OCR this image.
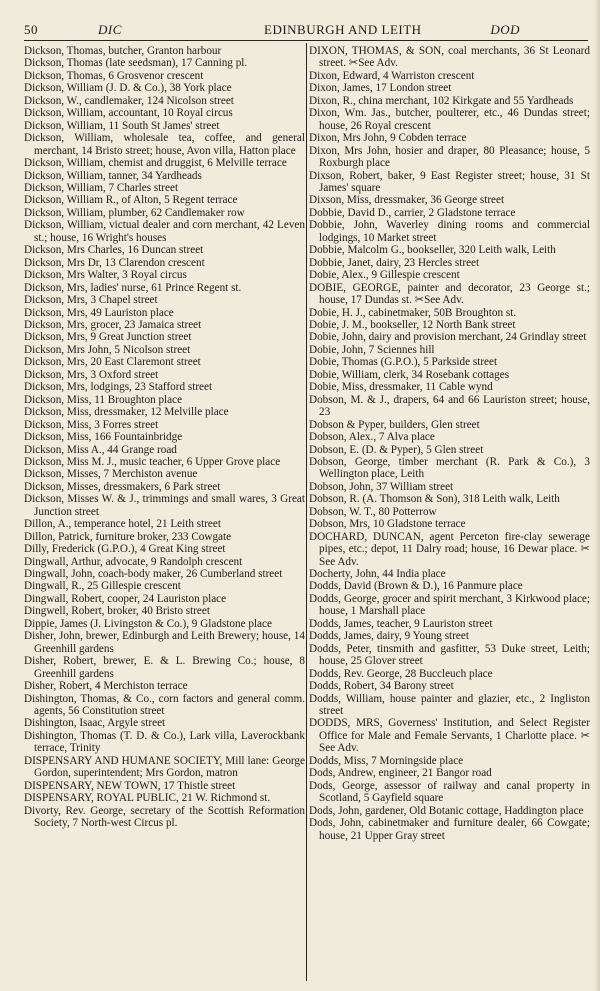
50	DIC	EDINBURGH AND LEITH	DOD
Dickson, Thomas, butcher, Granton harbour
Dickson, Thomas (late seedsman), 17 Canning pl.
Dickson, Thomas, 6 Grosvenor crescent
Dickson, William (J. D. & Co.), 38 York place
Dickson, W., candlemaker, 124 Nicolson street
Dickson, William, accountant, 10 Royal circus
Dickson, William, 11 South St James' street
Dickson, William, wholesale tea, coffee, and general merchant, 14 Bristo street; house, Avon villa, Hatton place
Dickson, William, chemist and druggist, 6 Melville terrace
Dickson, William, tanner, 34 Yardheads
Dickson, William, 7 Charles street
Dickson, William R., of Alton, 5 Regent terrace
Dickson, William, plumber, 62 Candlemaker row
Dickson, William, victual dealer and corn merchant, 42 Leven st.; house, 16 Wright's houses
Dickson, Mrs Charles, 16 Duncan street
Dickson, Mrs Dr, 13 Clarendon crescent
Dickson, Mrs Walter, 3 Royal circus
Dickson, Mrs, ladies' nurse, 61 Prince Regent st.
Dickson, Mrs, 3 Chapel street
Dickson, Mrs, 49 Lauriston place
Dickson, Mrs, grocer, 23 Jamaica street
Dickson, Mrs, 9 Great Junction street
Dickson, Mrs John, 5 Nicolson street
Dickson, Mrs, 20 East Claremont street
Dickson, Mrs, 3 Oxford street
Dickson, Mrs, lodgings, 23 Stafford street
Dickson, Miss, 11 Broughton place
Dickson, Miss, dressmaker, 12 Melville place
Dickson, Miss, 3 Forres street
Dickson, Miss, 166 Fountainbridge
Dickson, Miss A., 44 Grange road
Dickson, Miss M. J., music teacher, 6 Upper Grove place
Dickson, Misses, 7 Merchiston avenue
Dickson, Misses, dressmakers, 6 Park street
Dickson, Misses W. & J., trimmings and small wares, 3 Great Junction street
Dillon, A., temperance hotel, 21 Leith street
Dillon, Patrick, furniture broker, 233 Cowgate
Dilly, Frederick (G.P.O.), 4 Great King street
Dingwall, Arthur, advocate, 9 Randolph crescent
Dingwall, John, coach-body maker, 26 Cumberland street
Dingwall, R., 25 Gillespie crescent
Dingwall, Robert, cooper, 24 Lauriston place
Dingwell, Robert, broker, 40 Bristo street
Dippie, James (J. Livingston & Co.), 9 Gladstone place
Disher, John, brewer, Edinburgh and Leith Brewery; house, 14 Greenhill gardens
Disher, Robert, brewer, E. & L. Brewing Co.; house, 8 Greenhill gardens
Disher, Robert, 4 Merchiston terrace
Dishington, Thomas, & Co., corn factors and general comm. agents, 56 Constitution street
Dishington, Isaac, Argyle street
Dishington, Thomas (T. D. & Co.), Lark villa, Laverockbank terrace, Trinity
DISPENSARY AND HUMANE SOCIETY, Mill lane: George Gordon, superintendent; Mrs Gordon, matron
DISPENSARY, NEW TOWN, 17 Thistle street
DISPENSARY, ROYAL PUBLIC, 21 W. Richmond st.
Divorty, Rev. George, secretary of the Scottish Reformation Society, 7 North-west Circus pl.
DIXON, THOMAS, & SON, coal merchants, 36 St Leonard street. ✂See Adv.
Dixon, Edward, 4 Warriston crescent
Dixon, James, 17 London street
Dixon, R., china merchant, 102 Kirkgate and 55 Yardheads
Dixon, Wm. Jas., butcher, poulterer, etc., 46 Dundas street; house, 26 Royal crescent
Dixon, Mrs John, 9 Cobden terrace
Dixon, Mrs John, hosier and draper, 80 Pleasance; house, 5 Roxburgh place
Dixson, Robert, baker, 9 East Register street; house, 31 St James' square
Dixson, Miss, dressmaker, 36 George street
Dobbie, David D., carrier, 2 Gladstone terrace
Dobbie, John, Waverley dining rooms and commercial lodgings, 10 Market street
Dobbie, Malcolm G., bookseller, 320 Leith walk, Leith
Dobbie, Janet, dairy, 23 Hercles street
Dobie, Alex., 9 Gillespie crescent
DOBIE, GEORGE, painter and decorator, 23 George st.; house, 17 Dundas st. ✂See Adv.
Dobie, H. J., cabinetmaker, 50B Broughton st.
Dobie, J. M., bookseller, 12 North Bank street
Dobie, John, dairy and provision merchant, 24 Grindlay street
Dobie, John, 7 Sciennes hill
Dobie, Thomas (G.P.O.), 5 Parkside street
Dobie, William, clerk, 34 Rosebank cottages
Dobie, Miss, dressmaker, 11 Cable wynd
Dobson, M. & J., drapers, 64 and 66 Lauriston street; house, 23
Dobson & Pyper, builders, Glen street
Dobson, Alex., 7 Alva place
Dobson, E. (D. & Pyper), 5 Glen street
Dobson, George, timber merchant (R. Park & Co.), 3 Wellington place, Leith
Dobson, John, 37 William street
Dobson, R. (A. Thomson & Son), 318 Leith walk, Leith
Dobson, W. T., 80 Potterrow
Dobson, Mrs, 10 Gladstone terrace
DOCHARD, DUNCAN, agent Perceton fire-clay sewerage pipes, etc.; depot, 11 Dalry road; house, 16 Dewar place. ✂See Adv.
Docherty, John, 44 India place
Dodds, David (Brown & D.), 16 Panmure place
Dodds, George, grocer and spirit merchant, 3 Kirkwood place; house, 1 Marshall place
Dodds, James, teacher, 9 Lauriston street
Dodds, James, dairy, 9 Young street
Dodds, Peter, tinsmith and gasfitter, 53 Duke street, Leith; house, 25 Glover street
Dodds, Rev. George, 28 Buccleuch place
Dodds, Robert, 34 Barony street
Dodds, William, house painter and glazier, etc., 2 Ingliston street
DODDS, MRS, Governess' Institution, and Select Register Office for Male and Female Servants, 1 Charlotte place. ✂See Adv.
Dodds, Miss, 7 Morningside place
Dods, Andrew, engineer, 21 Bangor road
Dods, George, assessor of railway and canal property in Scotland, 5 Gayfield square
Dods, John, gardener, Old Botanic cottage, Haddington place
Dods, John, cabinetmaker and furniture dealer, 66 Cowgate; house, 21 Upper Gray street
